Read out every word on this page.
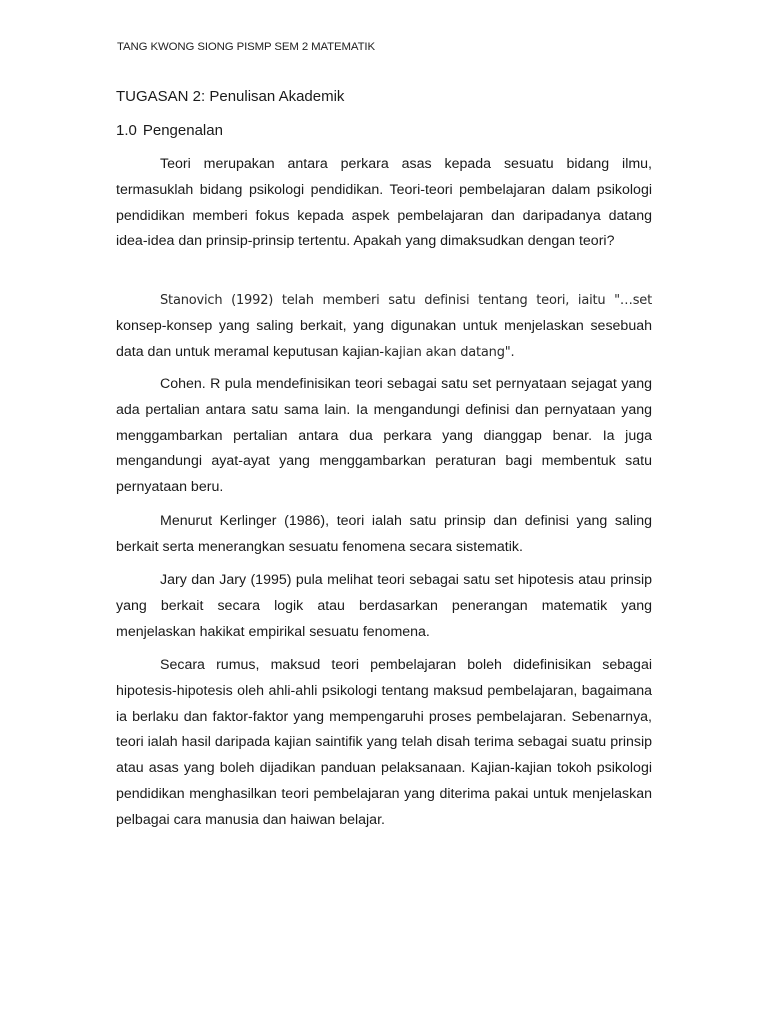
TANG KWONG SIONG PISMP SEM 2 MATEMATIK
TUGASAN 2: Penulisan Akademik
1.0 Pengenalan

Teori merupakan antara perkara asas kepada sesuatu bidang ilmu, termasuklah bidang psikologi pendidikan. Teori-teori pembelajaran dalam psikologi pendidikan memberi fokus kepada aspek pembelajaran dan daripadanya datang idea-idea dan prinsip-prinsip tertentu. Apakah yang dimaksudkan dengan teori?

Stanovich (1992) telah memberi satu definisi tentang teori, iaitu "…set konsep-konsep yang saling berkait, yang digunakan untuk menjelaskan sesebuah data dan untuk meramal keputusan kajian-kajian akan datang".

Cohen. R pula mendefinisikan teori sebagai satu set pernyataan sejagat yang ada pertalian antara satu sama lain. Ia mengandungi definisi dan pernyataan yang menggambarkan pertalian antara dua perkara yang dianggap benar. Ia juga mengandungi ayat-ayat yang menggambarkan peraturan bagi membentuk satu pernyataan beru.

Menurut Kerlinger (1986), teori ialah satu prinsip dan definisi yang saling berkait serta menerangkan sesuatu fenomena secara sistematik.

Jary dan Jary (1995) pula melihat teori sebagai satu set hipotesis atau prinsip yang berkait secara logik atau berdasarkan penerangan matematik yang menjelaskan hakikat empirikal sesuatu fenomena.

Secara rumus, maksud teori pembelajaran boleh didefinisikan sebagai hipotesis-hipotesis oleh ahli-ahli psikologi tentang maksud pembelajaran, bagaimana ia berlaku dan faktor-faktor yang mempengaruhi proses pembelajaran. Sebenarnya, teori ialah hasil daripada kajian saintifik yang telah disah terima sebagai suatu prinsip atau asas yang boleh dijadikan panduan pelaksanaan. Kajian-kajian tokoh psikologi pendidikan menghasilkan teori pembelajaran yang diterima pakai untuk menjelaskan pelbagai cara manusia dan haiwan belajar.
